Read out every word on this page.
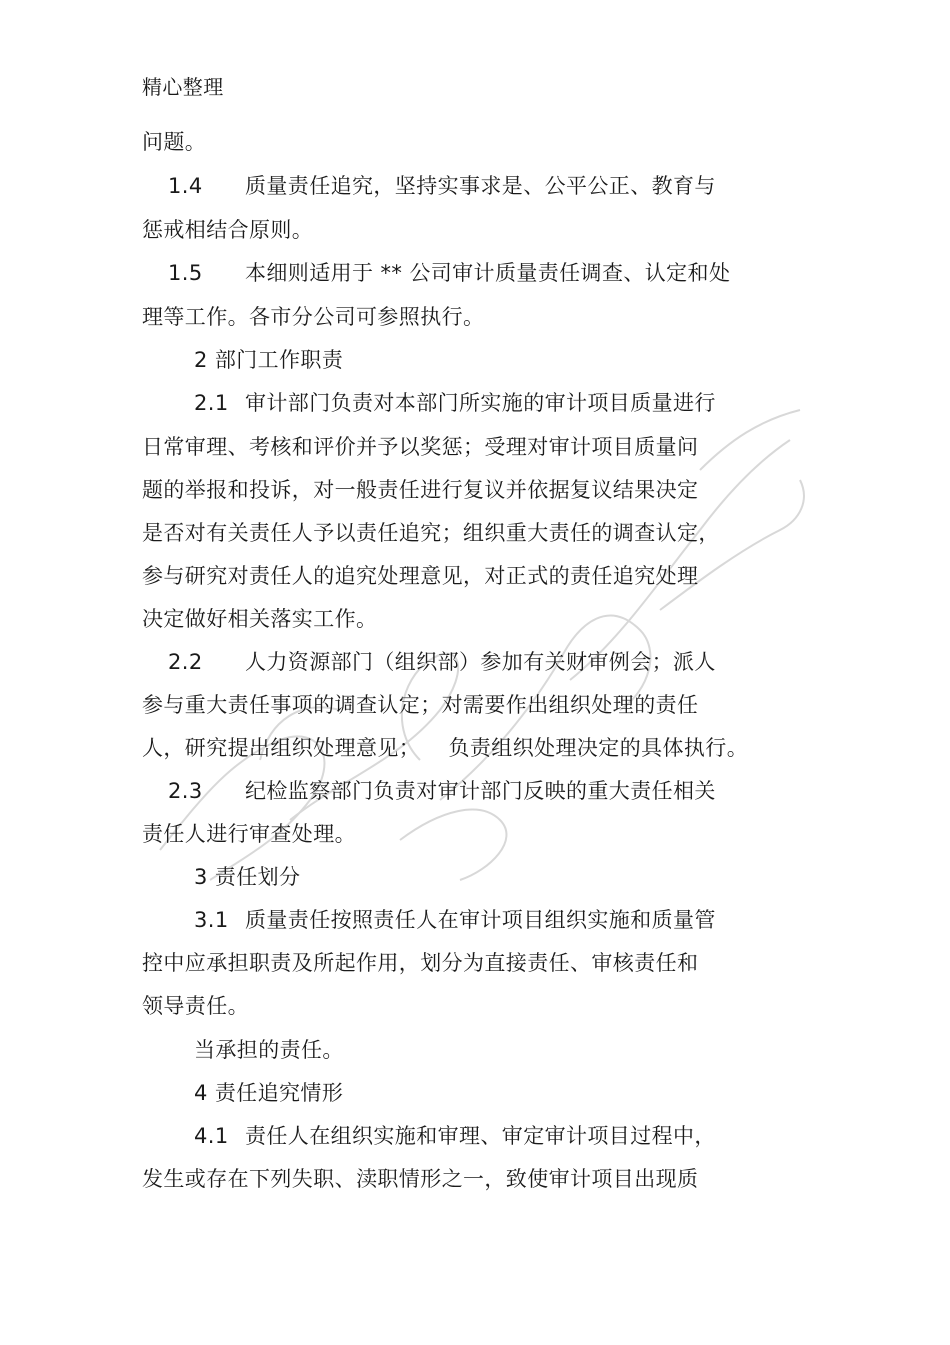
精心整理
问题。
1.4 质量责任追究，坚持实事求是、公平公正、教育与
惩戒相结合原则。
1.5 本细则适用于 ** 公司审计质量责任调查、认定和处
理等工作。各市分公司可参照执行。
2 部门工作职责
2.1 审计部门负责对本部门所实施的审计项目质量进行
日常审理、考核和评价并予以奖惩；受理对审计项目质量问
题的举报和投诉，对一般责任进行复议并依据复议结果决定
是否对有关责任人予以责任追究；组织重大责任的调查认定，
参与研究对责任人的追究处理意见，对正式的责任追究处理
决定做好相关落实工作。
2.2 人力资源部门（组织部）参加有关财审例会；派人
参与重大责任事项的调查认定；对需要作出组织处理的责任
人，研究提出组织处理意见；    负责组织处理决定的具体执行。
2.3 纪检监察部门负责对审计部门反映的重大责任相关
责任人进行审查处理。
3 责任划分
3.1 质量责任按照责任人在审计项目组织实施和质量管
控中应承担职责及所起作用，划分为直接责任、审核责任和
领导责任。
当承担的责任。
4 责任追究情形
4.1 责任人在组织实施和审理、审定审计项目过程中，
发生或存在下列失职、渎职情形之一，致使审计项目出现质
